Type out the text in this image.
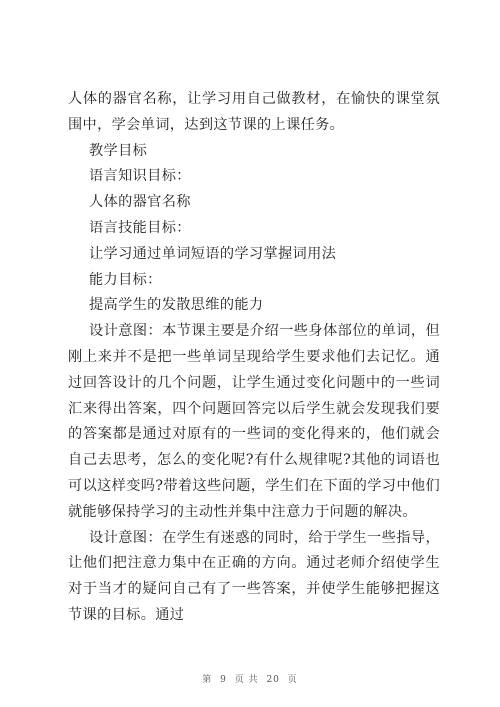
人体的器官名称，让学习用自己做教材，在愉快的课堂氛围中，学会单词，达到这节课的上课任务。

教学目标

语言知识目标：

人体的器官名称

语言技能目标：

让学习通过单词短语的学习掌握词用法

能力目标：

提高学生的发散思维的能力

设计意图：本节课主要是介绍一些身体部位的单词，但刚上来并不是把一些单词呈现给学生要求他们去记忆。通过回答设计的几个问题，让学生通过变化问题中的一些词汇来得出答案，四个问题回答完以后学生就会发现我们要的答案都是通过对原有的一些词的变化得来的，他们就会自己去思考，怎么的变化呢?有什么规律呢?其他的词语也可以这样变吗?带着这些问题，学生们在下面的学习中他们就能够保持学习的主动性并集中注意力于问题的解决。

设计意图：在学生有迷惑的同时，给于学生一些指导，让他们把注意力集中在正确的方向。通过老师介绍使学生对于当才的疑问自己有了一些答案，并使学生能够把握这节课的目标。通过

第 9 页 共 20 页
